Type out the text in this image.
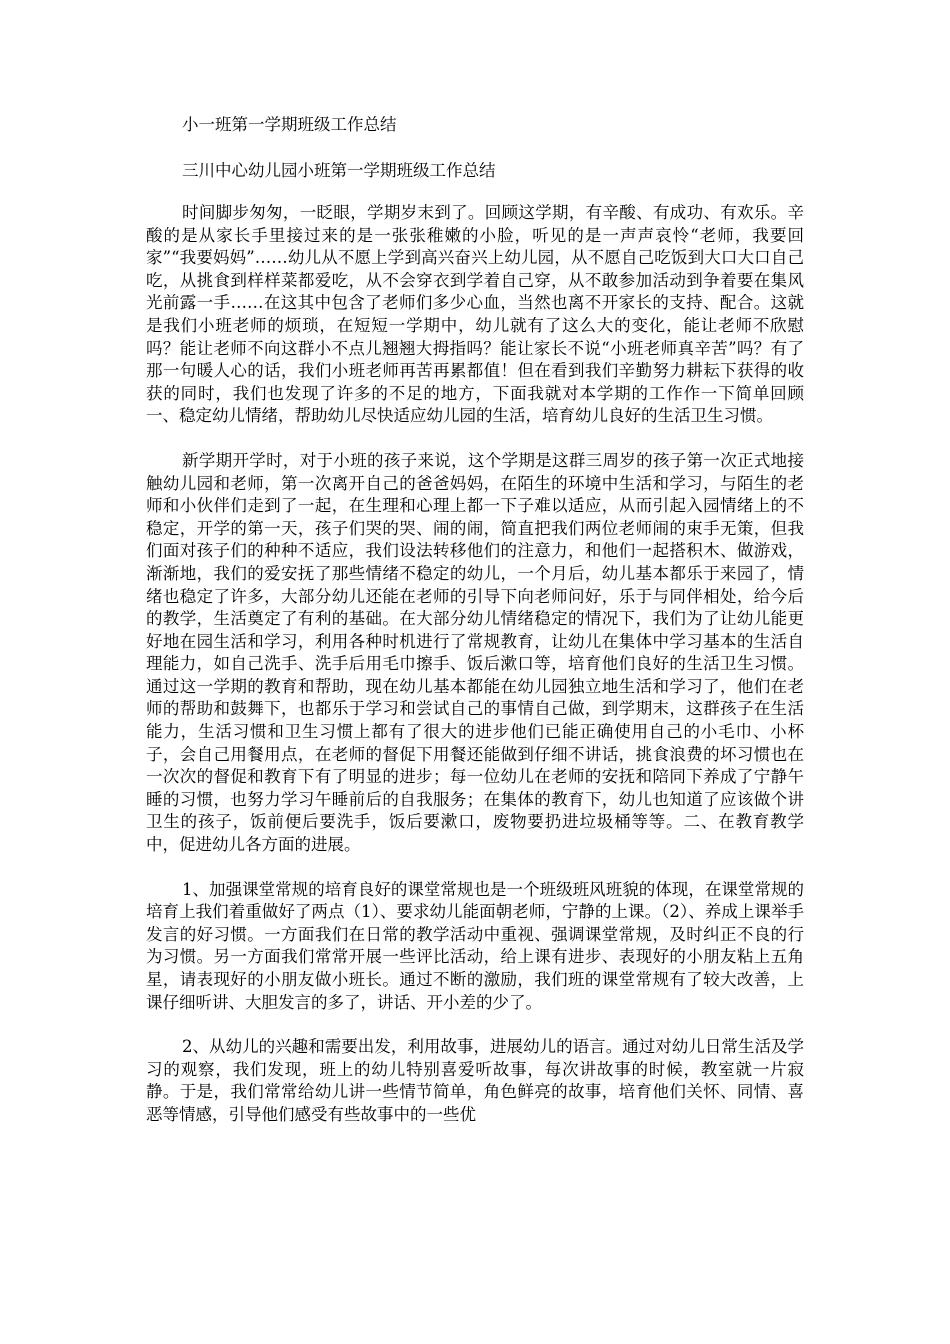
小一班第一学期班级工作总结

三川中心幼儿园小班第一学期班级工作总结

时间脚步匆匆，一眨眼，学期岁末到了。回顾这学期，有辛酸、有成功、有欢乐。辛酸的是从家长手里接过来的是一张张稚嫩的小脸，听见的是一声声哀怜“老师，我要回家”“我要妈妈”……幼儿从不愿上学到高兴奋兴上幼儿园，从不愿自己吃饭到大口大口自己吃，从挑食到样样菜都爱吃，从不会穿衣到学着自己穿，从不敢参加活动到争着要在集风光前露一手……在这其中包含了老师们多少心血，当然也离不开家长的支持、配合。这就是我们小班老师的烦琐，在短短一学期中，幼儿就有了这么大的变化，能让老师不欣慰吗？能让老师不向这群小不点儿翘翘大拇指吗？能让家长不说“小班老师真辛苦”吗？有了那一句暖人心的话，我们小班老师再苦再累都值！但在看到我们辛勤努力耕耘下获得的收获的同时，我们也发现了许多的不足的地方，下面我就对本学期的工作作一下简单回顾一、稳定幼儿情绪，帮助幼儿尽快适应幼儿园的生活，培育幼儿良好的生活卫生习惯。

新学期开学时，对于小班的孩子来说，这个学期是这群三周岁的孩子第一次正式地接触幼儿园和老师，第一次离开自己的爸爸妈妈，在陌生的环境中生活和学习，与陌生的老师和小伙伴们走到了一起，在生理和心理上都一下子难以适应，从而引起入园情绪上的不稳定，开学的第一天，孩子们哭的哭、闹的闹，简直把我们两位老师闹的束手无策，但我们面对孩子们的种种不适应，我们设法转移他们的注意力，和他们一起搭积木、做游戏，渐渐地，我们的爱安抚了那些情绪不稳定的幼儿，一个月后，幼儿基本都乐于来园了，情绪也稳定了许多，大部分幼儿还能在老师的引导下向老师问好，乐于与同伴相处，给今后的教学，生活奠定了有利的基础。在大部分幼儿情绪稳定的情况下，我们为了让幼儿能更好地在园生活和学习，利用各种时机进行了常规教育，让幼儿在集体中学习基本的生活自理能力，如自己洗手、洗手后用毛巾擦手、饭后漱口等，培育他们良好的生活卫生习惯。通过这一学期的教育和帮助，现在幼儿基本都能在幼儿园独立地生活和学习了，他们在老师的帮助和鼓舞下，也都乐于学习和尝试自己的事情自己做，到学期末，这群孩子在生活能力，生活习惯和卫生习惯上都有了很大的进步他们已能正确使用自己的小毛巾、小杯子，会自己用餐用点，在老师的督促下用餐还能做到仔细不讲话，挑食浪费的坏习惯也在一次次的督促和教育下有了明显的进步；每一位幼儿在老师的安抚和陪同下养成了宁静午睡的习惯，也努力学习午睡前后的自我服务；在集体的教育下，幼儿也知道了应该做个讲卫生的孩子，饭前便后要洗手，饭后要漱口，废物要扔进垃圾桶等等。二、在教育教学中，促进幼儿各方面的进展。

1、加强课堂常规的培育良好的课堂常规也是一个班级班风班貌的体现，在课堂常规的培育上我们着重做好了两点（1）、要求幼儿能面朝老师，宁静的上课。（2）、养成上课举手发言的好习惯。一方面我们在日常的教学活动中重视、强调课堂常规，及时纠正不良的行为习惯。另一方面我们常常开展一些评比活动，给上课有进步、表现好的小朋友粘上五角星，请表现好的小朋友做小班长。通过不断的激励，我们班的课堂常规有了较大改善，上课仔细听讲、大胆发言的多了，讲话、开小差的少了。

2、从幼儿的兴趣和需要出发，利用故事，进展幼儿的语言。通过对幼儿日常生活及学习的观察，我们发现，班上的幼儿特别喜爱听故事，每次讲故事的时候，教室就一片寂静。于是，我们常常给幼儿讲一些情节简单，角色鲜亮的故事，培育他们关怀、同情、喜恶等情感，引导他们感受有些故事中的一些优
